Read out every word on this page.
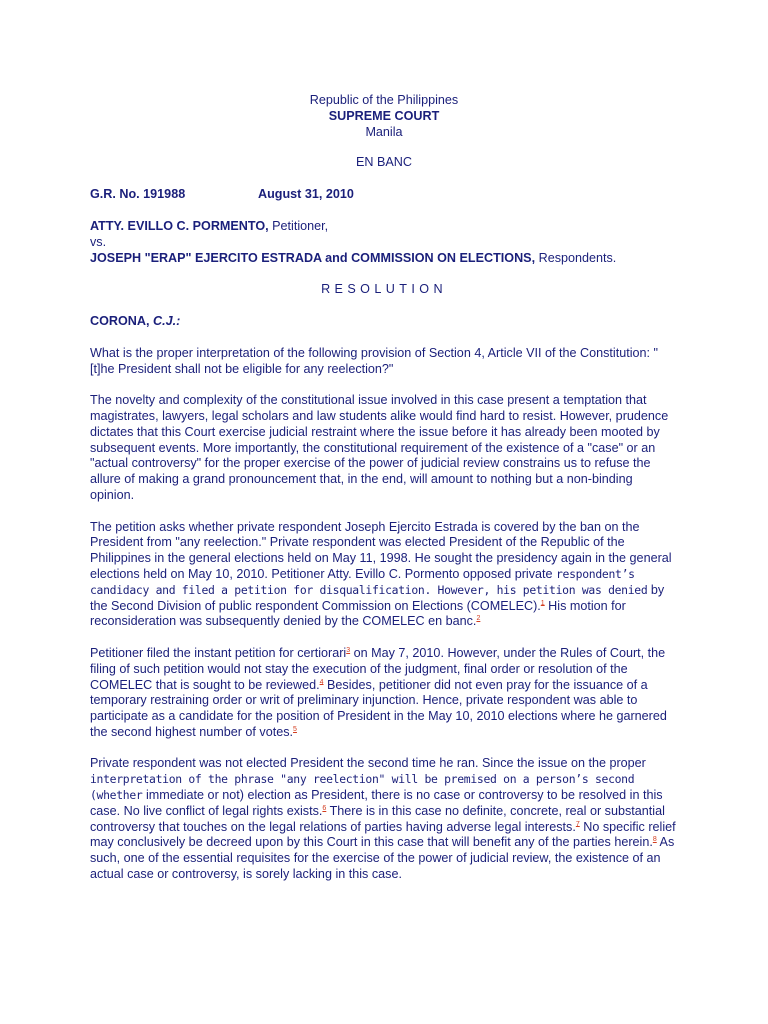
Republic of the Philippines
SUPREME COURT
Manila
EN BANC
G.R. No. 191988	August 31, 2010
ATTY. EVILLO C. PORMENTO, Petitioner,
vs.
JOSEPH "ERAP" EJERCITO ESTRADA and COMMISSION ON ELECTIONS, Respondents.
RESOLUTION
CORONA, C.J.:

What is the proper interpretation of the following provision of Section 4, Article VII of the Constitution: "[t]he President shall not be eligible for any reelection?"

The novelty and complexity of the constitutional issue involved in this case present a temptation that magistrates, lawyers, legal scholars and law students alike would find hard to resist. However, prudence dictates that this Court exercise judicial restraint where the issue before it has already been mooted by subsequent events. More importantly, the constitutional requirement of the existence of a "case" or an "actual controversy" for the proper exercise of the power of judicial review constrains us to refuse the allure of making a grand pronouncement that, in the end, will amount to nothing but a non-binding opinion.

The petition asks whether private respondent Joseph Ejercito Estrada is covered by the ban on the President from "any reelection." Private respondent was elected President of the Republic of the Philippines in the general elections held on May 11, 1998. He sought the presidency again in the general elections held on May 10, 2010. Petitioner Atty. Evillo C. Pormento opposed private respondent’s candidacy and filed a petition for disqualification. However, his petition was denied by the Second Division of public respondent Commission on Elections (COMELEC).$^1$ His motion for reconsideration was subsequently denied by the COMELEC en banc.$^2$

Petitioner filed the instant petition for certiorari$^3$ on May 7, 2010. However, under the Rules of Court, the filing of such petition would not stay the execution of the judgment, final order or resolution of the COMELEC that is sought to be reviewed.$^4$ Besides, petitioner did not even pray for the issuance of a temporary restraining order or writ of preliminary injunction. Hence, private respondent was able to participate as a candidate for the position of President in the May 10, 2010 elections where he garnered the second highest number of votes.$^5$

Private respondent was not elected President the second time he ran. Since the issue on the proper interpretation of the phrase "any reelection" will be premised on a person’s second (whether immediate or not) election as President, there is no case or controversy to be resolved in this case. No live conflict of legal rights exists.$^6$ There is in this case no definite, concrete, real or substantial controversy that touches on the legal relations of parties having adverse legal interests.$^7$ No specific relief may conclusively be decreed upon by this Court in this case that will benefit any of the parties herein.$^8$ As such, one of the essential requisites for the exercise of the power of judicial review, the existence of an actual case or controversy, is sorely lacking in this case.
